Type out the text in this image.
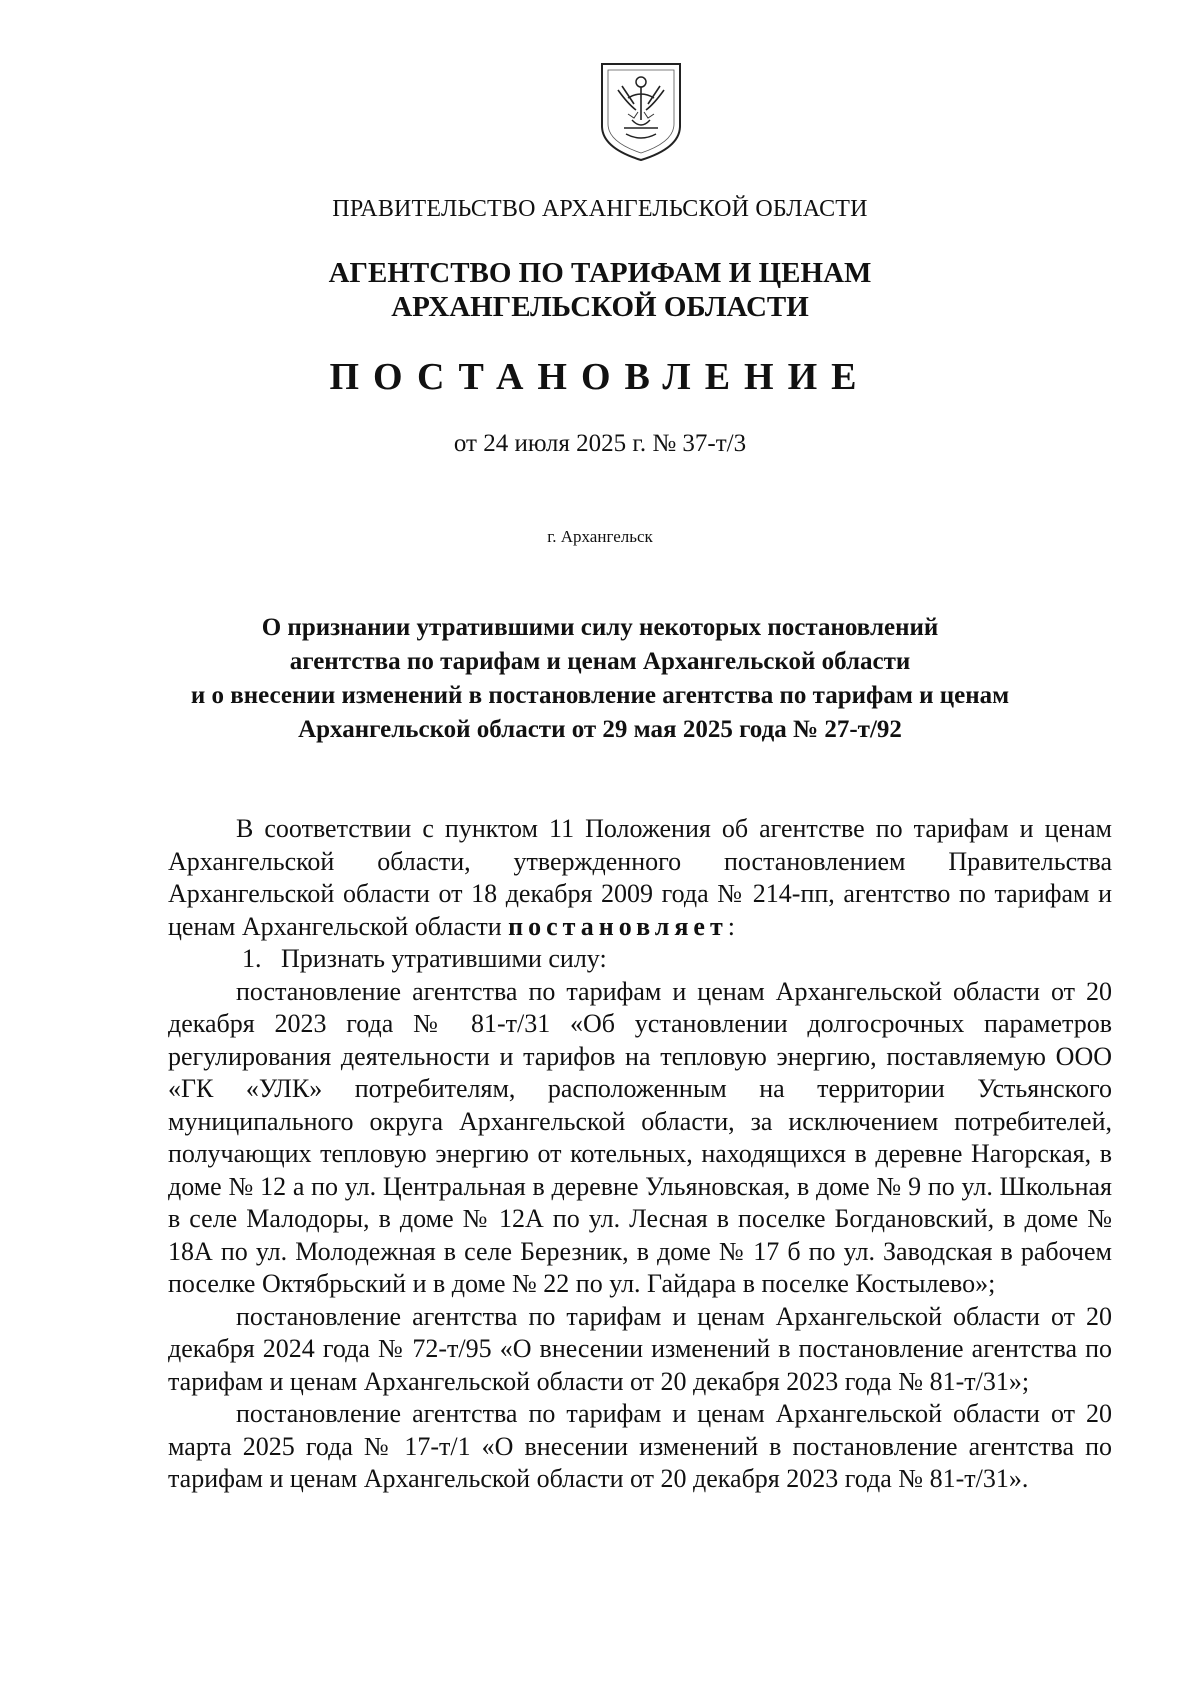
ПРАВИТЕЛЬСТВО АРХАНГЕЛЬСКОЙ ОБЛАСТИ
АГЕНТСТВО ПО ТАРИФАМ И ЦЕНАМ
АРХАНГЕЛЬСКОЙ ОБЛАСТИ
ПОСТАНОВЛЕНИЕ
от 24 июля 2025 г. № 37-т/3
г. Архангельск
О признании утратившими силу некоторых постановлений
агентства по тарифам и ценам Архангельской области
и о внесении изменений в постановление агентства по тарифам и ценам
Архангельской области от 29 мая 2025 года № 27-т/92

В соответствии с пунктом 11 Положения об агентстве по тарифам и ценам Архангельской области, утвержденного постановлением Правительства Архангельской области от 18 декабря 2009 года № 214-пп, агентство по тарифам и ценам Архангельской области постановляет:

1.   Признать утратившими силу:

постановление агентства по тарифам и ценам Архангельской области от 20 декабря 2023 года № 81-т/31 «Об установлении долгосрочных параметров регулирования деятельности и тарифов на тепловую энергию, поставляемую ООО «ГК «УЛК» потребителям, расположенным на территории Устьянского муниципального округа Архангельской области, за исключением потребителей, получающих тепловую энергию от котельных, находящихся в деревне Нагорская, в доме № 12 а по ул. Центральная в деревне Ульяновская, в доме № 9 по ул. Школьная в селе Малодоры, в доме № 12А по ул. Лесная в поселке Богдановский, в доме № 18А по ул. Молодежная в селе Березник, в доме № 17 б по ул. Заводская в рабочем поселке Октябрьский и в доме № 22 по ул. Гайдара в поселке Костылево»;

постановление агентства по тарифам и ценам Архангельской области от 20 декабря 2024 года № 72-т/95 «О внесении изменений в постановление агентства по тарифам и ценам Архангельской области от 20 декабря 2023 года № 81-т/31»;

постановление агентства по тарифам и ценам Архангельской области от 20 марта 2025 года № 17-т/1 «О внесении изменений в постановление агентства по тарифам и ценам Архангельской области от 20 декабря 2023 года № 81-т/31».
